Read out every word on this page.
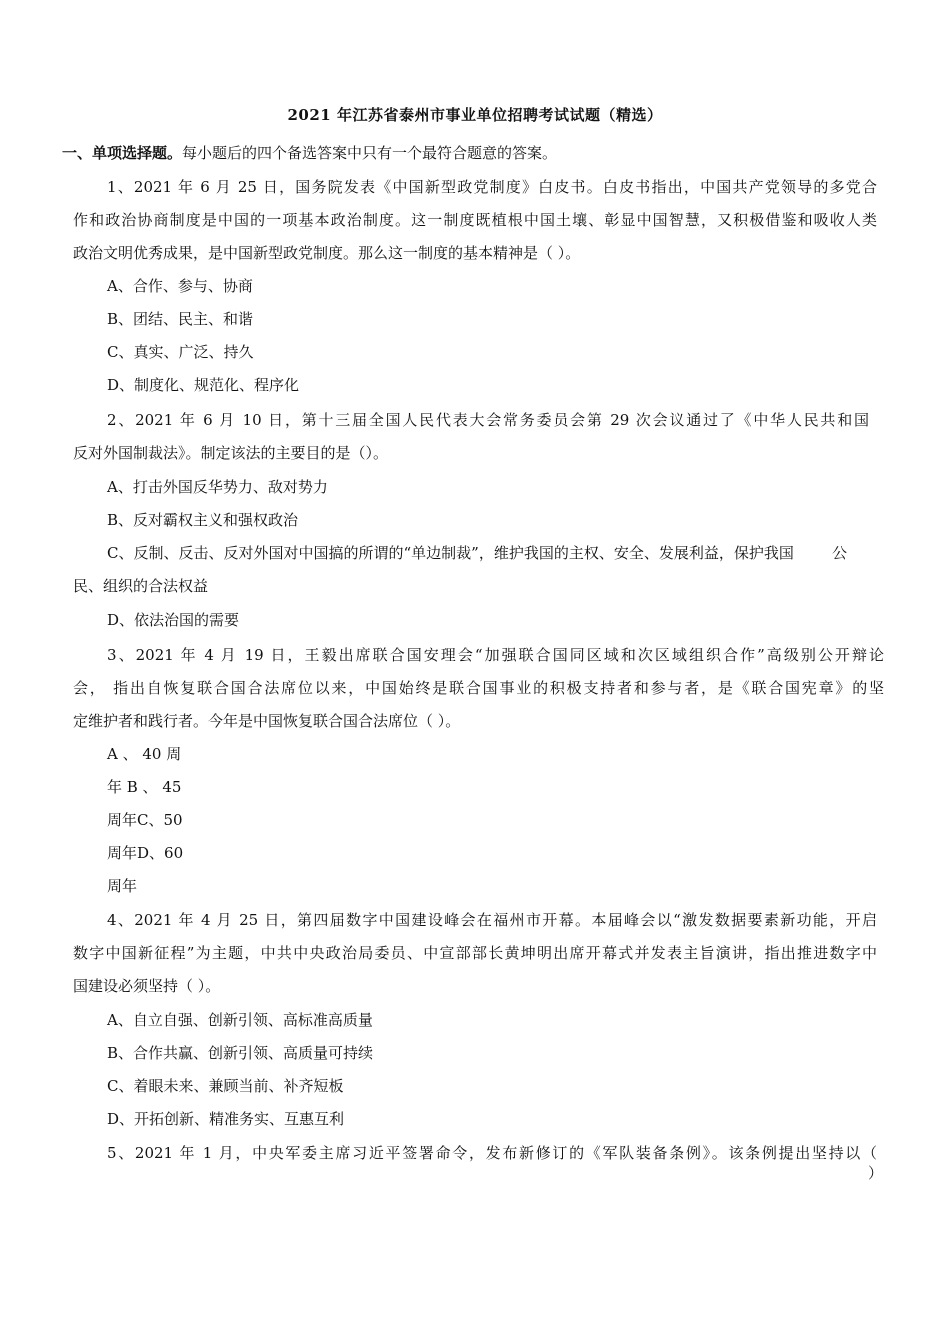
2021 年江苏省泰州市事业单位招聘考试试题（精选）
一、单项选择题。每小题后的四个备选答案中只有一个最符合题意的答案。
1、2021 年 6 月 25 日，国务院发表《中国新型政党制度》白皮书。白皮书指出，中国共产党领导的多党合
作和政治协商制度是中国的一项基本政治制度。这一制度既植根中国土壤、彰显中国智慧，又积极借鉴和吸收人类
政治文明优秀成果，是中国新型政党制度。那么这一制度的基本精神是（ ）。
A、合作、参与、协商
B、团结、民主、和谐
C、真实、广泛、持久
D、制度化、规范化、程序化
2、2021 年 6 月 10 日，第十三届全国人民代表大会常务委员会第 29 次会议通过了《中华人民共和国
反对外国制裁法》。制定该法的主要目的是（）。
A、打击外国反华势力、敌对势力
B、反对霸权主义和强权政治
C、反制、反击、反对外国对中国搞的所谓的“单边制裁”，维护我国的主权、安全、发展利益，保护我国	公
民、组织的合法权益
D、依法治国的需要
3、2021 年 4 月 19 日，王毅出席联合国安理会“加强联合国同区域和次区域组织合作”高级别公开辩论
会， 指出自恢复联合国合法席位以来，中国始终是联合国事业的积极支持者和参与者，是《联合国宪章》的坚
定维护者和践行者。今年是中国恢复联合国合法席位（ ）。
A 、 40 周
年 B 、 45
周年C、50
周年D、60
周年
4、2021 年 4 月 25 日，第四届数字中国建设峰会在福州市开幕。本届峰会以“激发数据要素新功能，开启
数字中国新征程”为主题，中共中央政治局委员、中宣部部长黄坤明出席开幕式并发表主旨演讲，指出推进数字中
国建设必须坚持（ ）。
A、自立自强、创新引领、高标准高质量
B、合作共赢、创新引领、高质量可持续
C、着眼未来、兼顾当前、补齐短板
D、开拓创新、精准务实、互惠互利
5、2021 年 1 月，中央军委主席习近平签署命令，发布新修订的《军队装备条例》。该条例提出坚持以（
）
